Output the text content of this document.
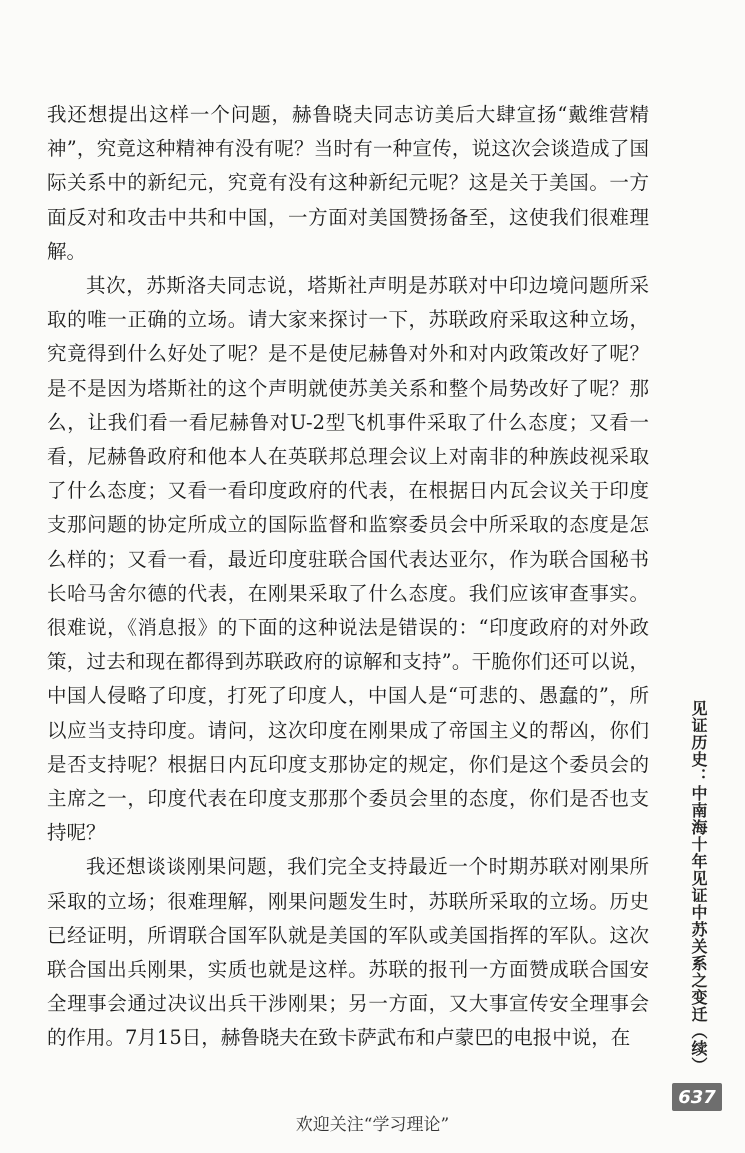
我还想提出这样一个问题，赫鲁晓夫同志访美后大肆宣扬“戴维营精神”，究竟这种精神有没有呢？当时有一种宣传，说这次会谈造成了国际关系中的新纪元，究竟有没有这种新纪元呢？这是关于美国。一方面反对和攻击中共和中国，一方面对美国赞扬备至，这使我们很难理解。

其次，苏斯洛夫同志说，塔斯社声明是苏联对中印边境问题所采取的唯一正确的立场。请大家来探讨一下，苏联政府采取这种立场，究竟得到什么好处了呢？是不是使尼赫鲁对外和对内政策改好了呢？是不是因为塔斯社的这个声明就使苏美关系和整个局势改好了呢？那么，让我们看一看尼赫鲁对U-2型飞机事件采取了什么态度；又看一看，尼赫鲁政府和他本人在英联邦总理会议上对南非的种族歧视采取了什么态度；又看一看印度政府的代表，在根据日内瓦会议关于印度支那问题的协定所成立的国际监督和监察委员会中所采取的态度是怎么样的；又看一看，最近印度驻联合国代表达亚尔，作为联合国秘书长哈马舍尔德的代表，在刚果采取了什么态度。我们应该审查事实。很难说，《消息报》的下面的这种说法是错误的：“印度政府的对外政策，过去和现在都得到苏联政府的谅解和支持”。干脆你们还可以说，中国人侵略了印度，打死了印度人，中国人是“可悲的、愚蠢的”，所以应当支持印度。请问，这次印度在刚果成了帝国主义的帮凶，你们是否支持呢？根据日内瓦印度支那协定的规定，你们是这个委员会的主席之一，印度代表在印度支那那个委员会里的态度，你们是否也支持呢？

我还想谈谈刚果问题，我们完全支持最近一个时期苏联对刚果所采取的立场；很难理解，刚果问题发生时，苏联所采取的立场。历史已经证明，所谓联合国军队就是美国的军队或美国指挥的军队。这次联合国出兵刚果，实质也就是这样。苏联的报刊一方面赞成联合国安全理事会通过决议出兵干涉刚果；另一方面，又大事宣传安全理事会的作用。7月15日，赫鲁晓夫在致卡萨武布和卢蒙巴的电报中说，在	见证历史：中南海十年见证中苏关系之变迁（续）
637
欢迎关注“学习理论”
